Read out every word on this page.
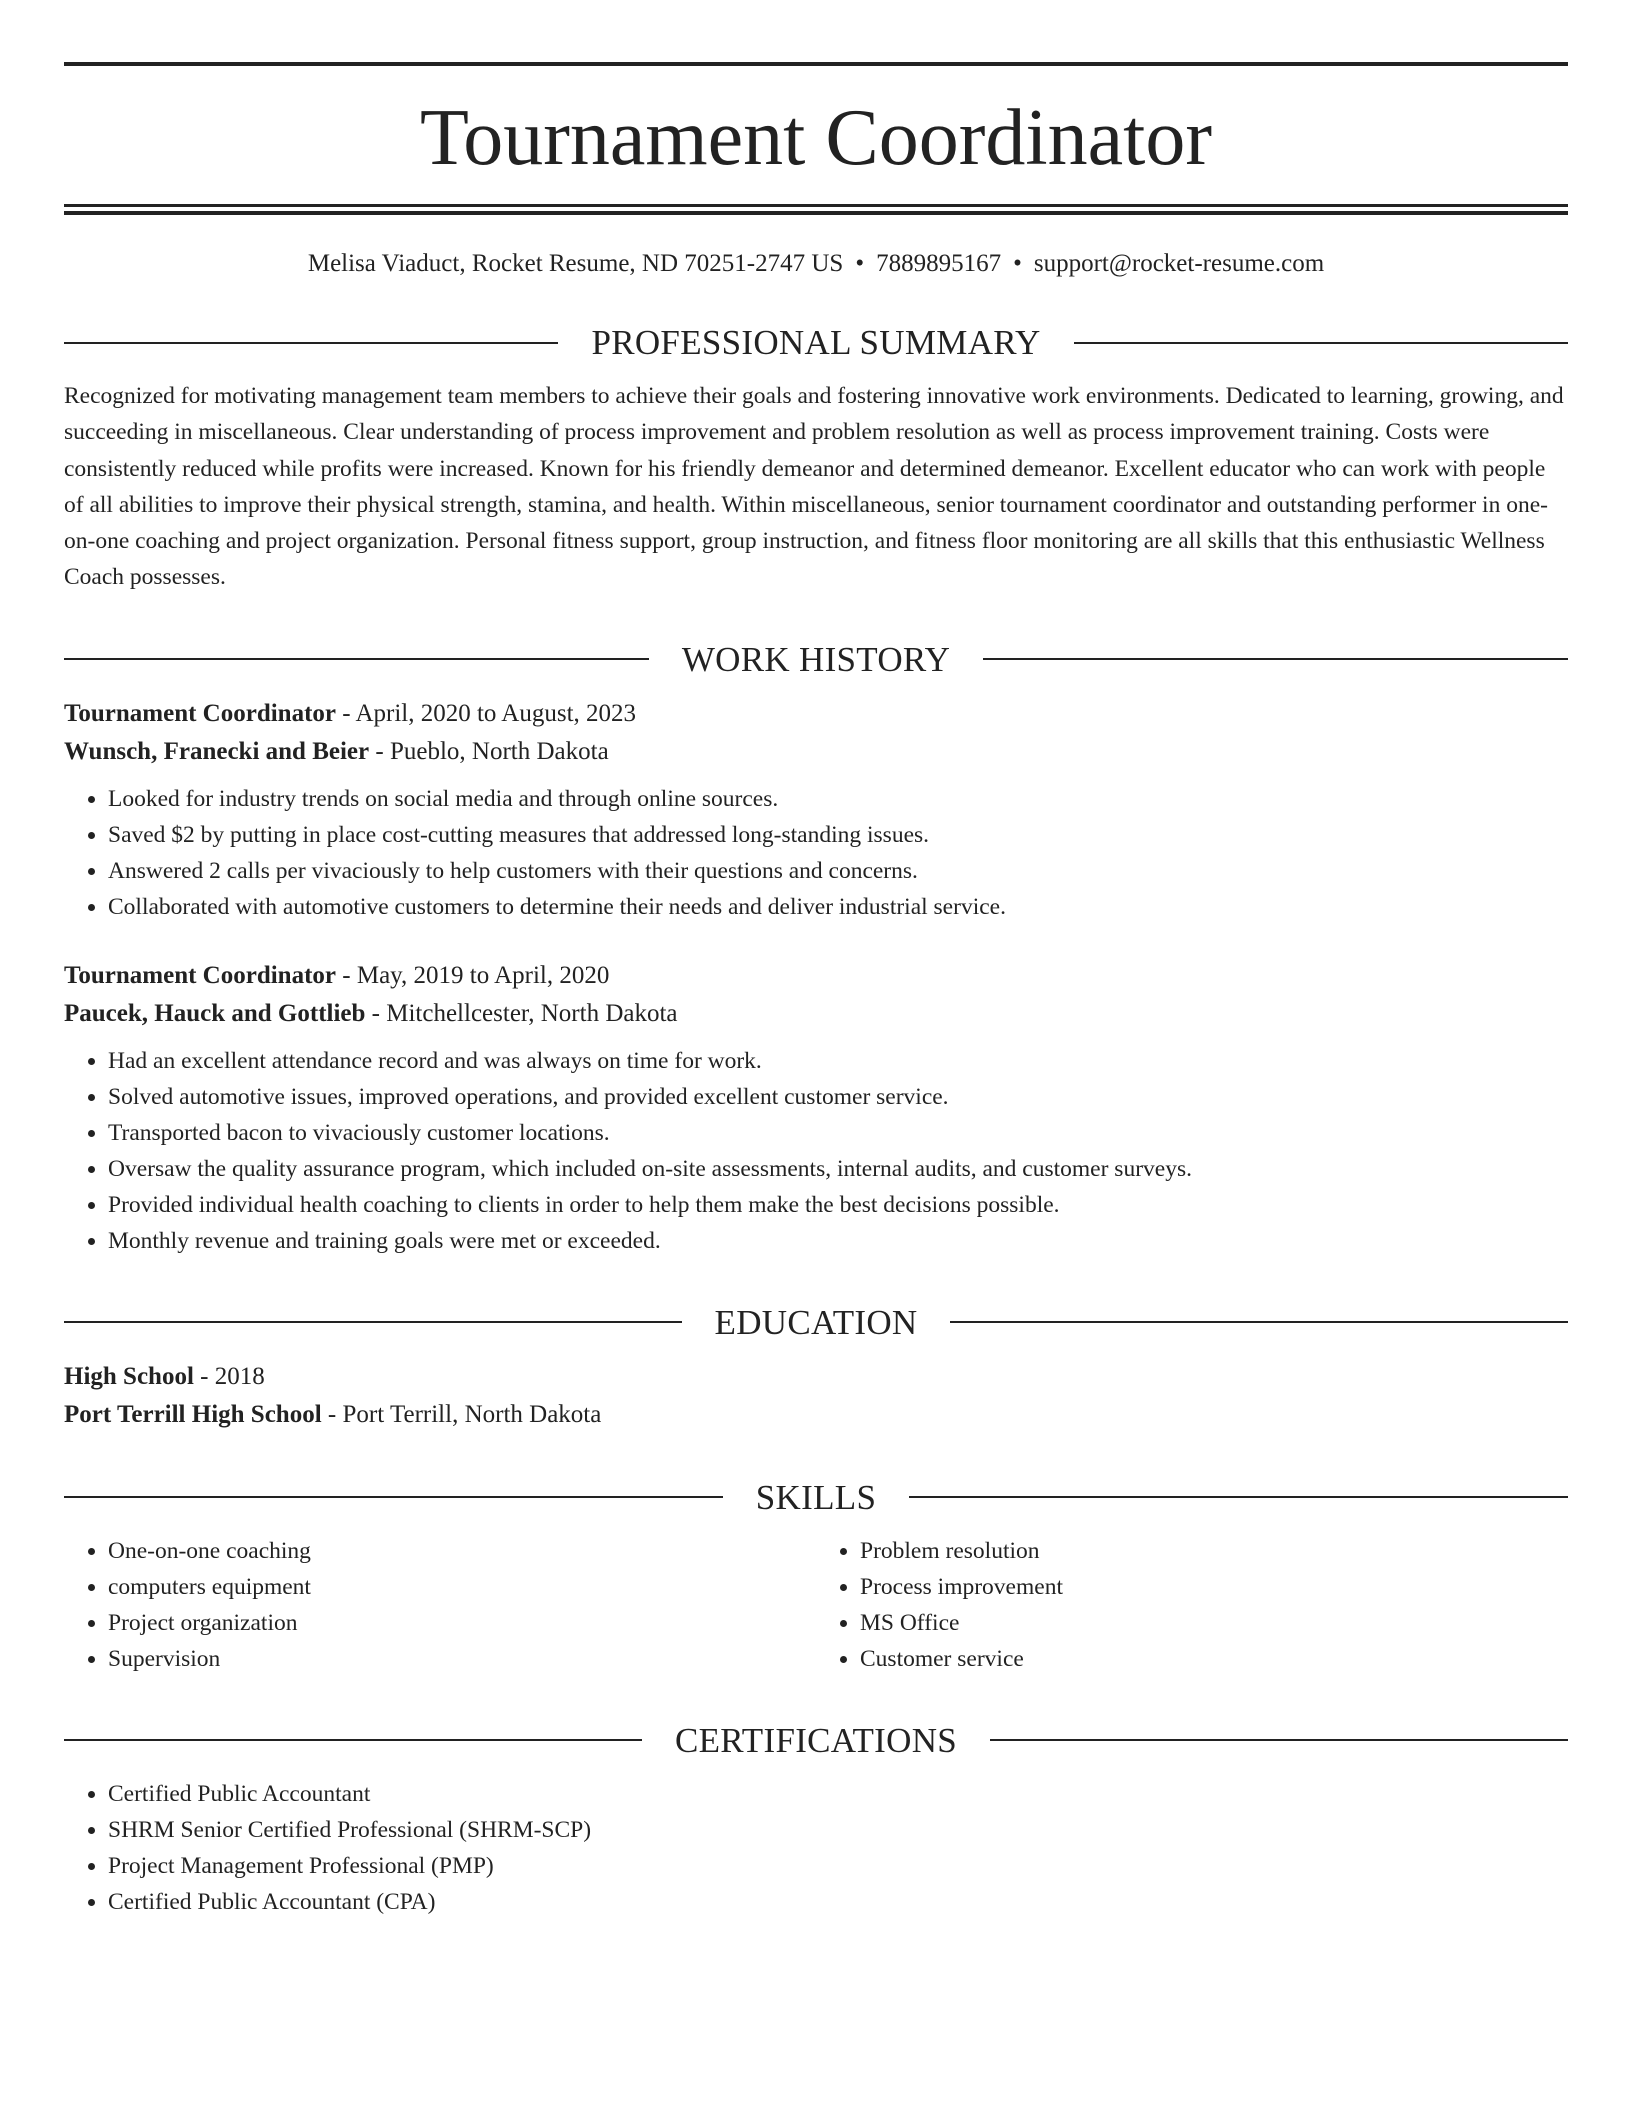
Tournament Coordinator
Melisa Viaduct, Rocket Resume, ND 70251-2747 US • 7889895167 • support@rocket-resume.com
PROFESSIONAL SUMMARY

Recognized for motivating management team members to achieve their goals and fostering innovative work environments. Dedicated to learning, growing, and succeeding in miscellaneous. Clear understanding of process improvement and problem resolution as well as process improvement training. Costs were consistently reduced while profits were increased. Known for his friendly demeanor and determined demeanor. Excellent educator who can work with people of all abilities to improve their physical strength, stamina, and health. Within miscellaneous, senior tournament coordinator and outstanding performer in one-on-one coaching and project organization. Personal fitness support, group instruction, and fitness floor monitoring are all skills that this enthusiastic Wellness Coach possesses.

WORK HISTORY
Tournament Coordinator - April, 2020 to August, 2023
Wunsch, Franecki and Beier - Pueblo, North Dakota
• Looked for industry trends on social media and through online sources.
• Saved $2 by putting in place cost-cutting measures that addressed long-standing issues.
• Answered 2 calls per vivaciously to help customers with their questions and concerns.
• Collaborated with automotive customers to determine their needs and deliver industrial service.
Tournament Coordinator - May, 2019 to April, 2020
Paucek, Hauck and Gottlieb - Mitchellcester, North Dakota
• Had an excellent attendance record and was always on time for work.
• Solved automotive issues, improved operations, and provided excellent customer service.
• Transported bacon to vivaciously customer locations.
• Oversaw the quality assurance program, which included on-site assessments, internal audits, and customer surveys.
• Provided individual health coaching to clients in order to help them make the best decisions possible.
• Monthly revenue and training goals were met or exceeded.
EDUCATION
High School - 2018
Port Terrill High School - Port Terrill, North Dakota
SKILLS
• One-on-one coaching
• computers equipment
• Project organization
• Supervision
• Problem resolution
• Process improvement
• MS Office
• Customer service
CERTIFICATIONS
• Certified Public Accountant
• SHRM Senior Certified Professional (SHRM-SCP)
• Project Management Professional (PMP)
• Certified Public Accountant (CPA)
